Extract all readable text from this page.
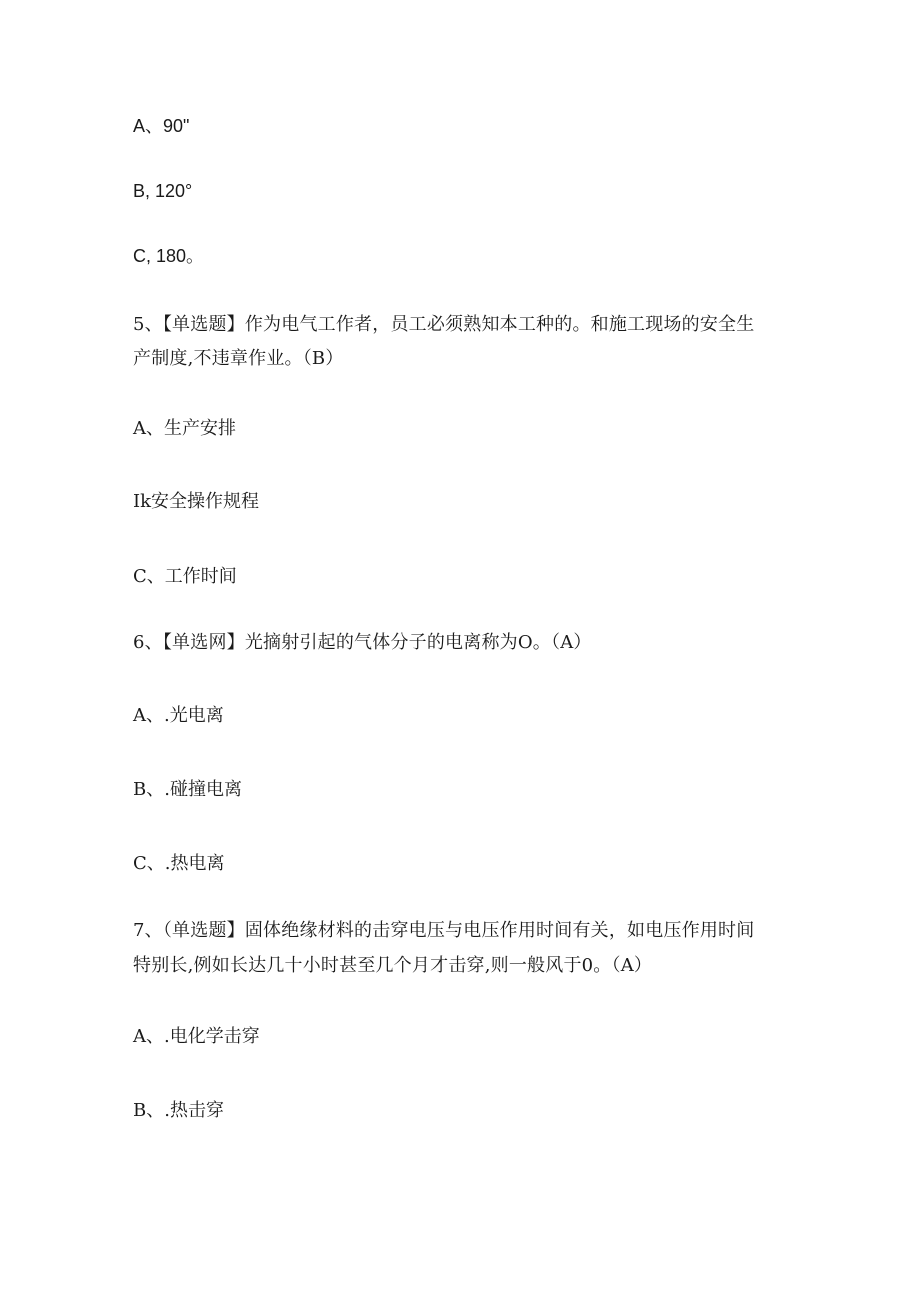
A、90"
B, 120°
C, 180。
5、【单选题】作为电气工作者，员工必须熟知本工种的。和施工现场的安全生
产制度,不违章作业。（B）
A、生产安排
Ik安全操作规程
C、工作时间
6、【单选网】光摘射引起的气体分子的电离称为O。（A）
A、.光电离
B、.碰撞电离
C、.热电离
7、（单选题】固体绝缘材料的击穿电压与电压作用时间有关，如电压作用时间
特别长,例如长达几十小时甚至几个月才击穿,则一般风于0。（A）
A、.电化学击穿
B、.热击穿
